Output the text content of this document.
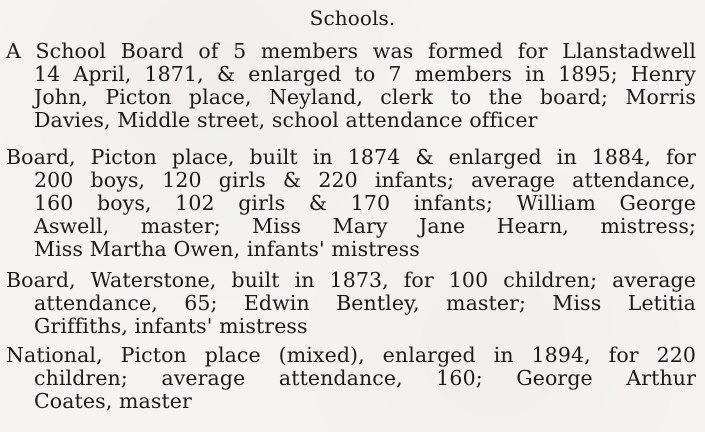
Schools.
A School Board of 5 members was formed for Llanstadwell
14 April, 1871, & enlarged to 7 members in 1895; Henry
John, Picton place, Neyland, clerk to the board; Morris
Davies, Middle street, school attendance officer
Board, Picton place, built in 1874 & enlarged in 1884, for
200 boys, 120 girls & 220 infants; average attendance,
160 boys, 102 girls & 170 infants; William George
Aswell, master; Miss Mary Jane Hearn, mistress;
Miss Martha Owen, infants' mistress
Board, Waterstone, built in 1873, for 100 children; average
attendance, 65; Edwin Bentley, master; Miss Letitia
Griffiths, infants' mistress
National, Picton place (mixed), enlarged in 1894, for 220
children; average attendance, 160; George Arthur
Coates, master
